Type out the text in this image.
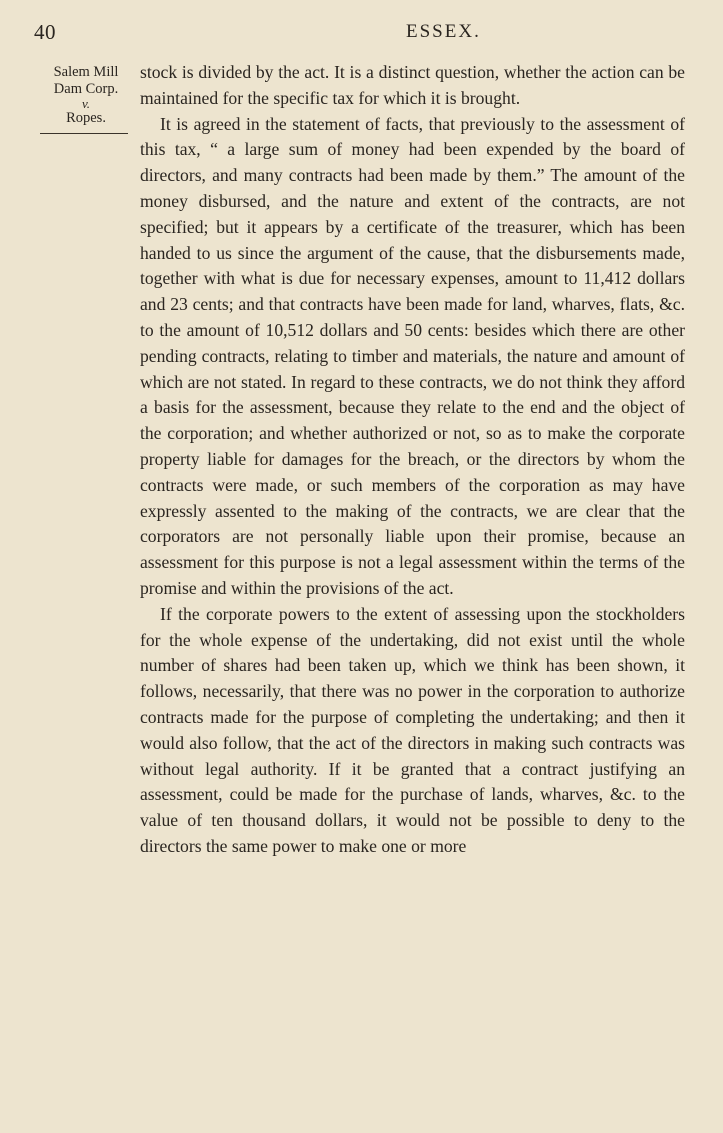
40	ESSEX.
Salem Mill
Dam Corp.
v.
Ropes.

stock is divided by the act. It is a distinct question, whether the action can be maintained for the specific tax for which it is brought.

It is agreed in the statement of facts, that previously to the assessment of this tax, “ a large sum of money had been expended by the board of directors, and many contracts had been made by them.” The amount of the money disbursed, and the nature and extent of the contracts, are not specified; but it appears by a certificate of the treasurer, which has been handed to us since the argument of the cause, that the disbursements made, together with what is due for necessary expenses, amount to 11,412 dollars and 23 cents; and that contracts have been made for land, wharves, flats, &c. to the amount of 10,512 dollars and 50 cents: besides which there are other pending contracts, relating to timber and materials, the nature and amount of which are not stated. In regard to these contracts, we do not think they afford a basis for the assessment, because they relate to the end and the object of the corporation; and whether authorized or not, so as to make the corporate property liable for damages for the breach, or the directors by whom the contracts were made, or such members of the corporation as may have expressly assented to the making of the contracts, we are clear that the corporators are not personally liable upon their promise, because an assessment for this purpose is not a legal assessment within the terms of the promise and within the provisions of the act.

If the corporate powers to the extent of assessing upon the stockholders for the whole expense of the undertaking, did not exist until the whole number of shares had been taken up, which we think has been shown, it follows, necessarily, that there was no power in the corporation to authorize contracts made for the purpose of completing the undertaking; and then it would also follow, that the act of the directors in making such contracts was without legal authority. If it be granted that a contract justifying an assessment, could be made for the purchase of lands, wharves, &c. to the value of ten thousand dollars, it would not be possible to deny to the directors the same power to make one or more
